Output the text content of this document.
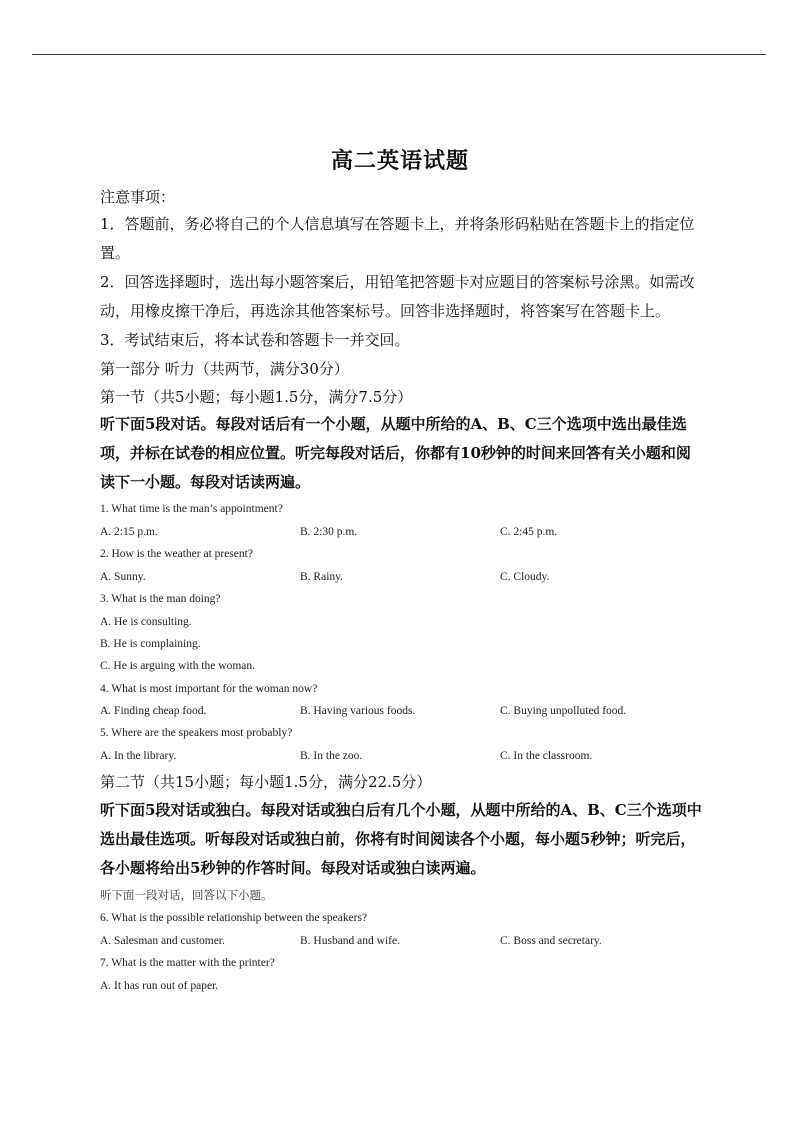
高二英语试题
注意事项：
1．答题前，务必将自己的个人信息填写在答题卡上，并将条形码粘贴在答题卡上的指定位置。
2．回答选择题时，选出每小题答案后，用铅笔把答题卡对应题目的答案标号涂黑。如需改动，用橡皮擦干净后，再选涂其他答案标号。回答非选择题时，将答案写在答题卡上。
3．考试结束后，将本试卷和答题卡一并交回。
第一部分 听力（共两节，满分30分）
第一节（共5小题；每小题1.5分，满分7.5分）
听下面5段对话。每段对话后有一个小题，从题中所给的A、B、C三个选项中选出最佳选项，并标在试卷的相应位置。听完每段对话后，你都有10秒钟的时间来回答有关小题和阅读下一小题。每段对话读两遍。
1. What time is the man’s appointment?
A. 2:15 p.m.	B. 2:30 p.m.	C. 2:45 p.m.
2. How is the weather at present?
A. Sunny.	B. Rainy.	C. Cloudy.
3. What is the man doing?
A. He is consulting.
B. He is complaining.
C. He is arguing with the woman.
4. What is most important for the woman now?
A. Finding cheap food.	B. Having various foods.	C. Buying unpolluted food.
5. Where are the speakers most probably?
A. In the library.	B. In the zoo.	C. In the classroom.
第二节（共15小题；每小题1.5分，满分22.5分）
听下面5段对话或独白。每段对话或独白后有几个小题，从题中所给的A、B、C三个选项中选出最佳选项。听每段对话或独白前，你将有时间阅读各个小题，每小题5秒钟；听完后，各小题将给出5秒钟的作答时间。每段对话或独白读两遍。
听下面一段对话，回答以下小题。
6. What is the possible relationship between the speakers?
A. Salesman and customer.	B. Husband and wife.	C. Boss and secretary.
7. What is the matter with the printer?
A. It has run out of paper.
